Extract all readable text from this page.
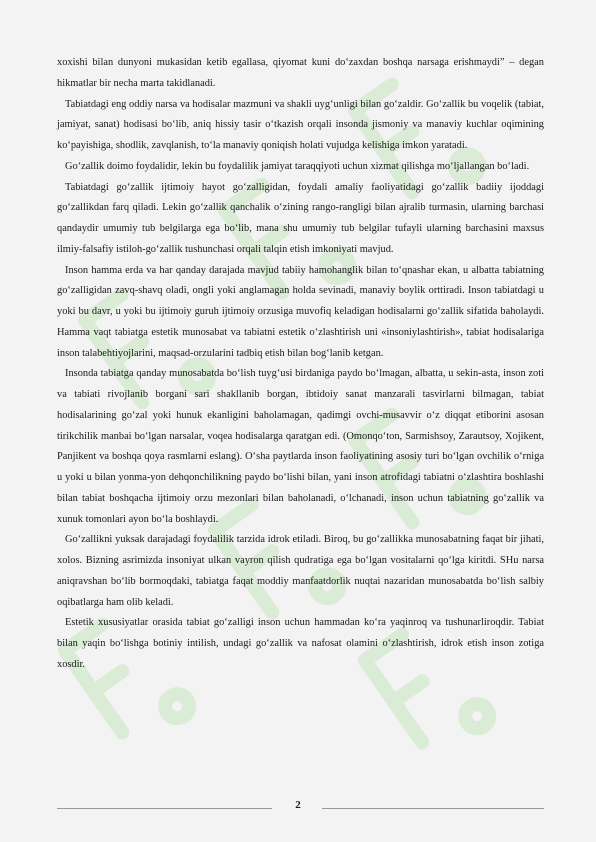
xoxishi bilan dunyoni mukasidan ketib egallasa, qiyomat kuni do‘zaxdan boshqa narsaga erishmaydi” – degan hikmatlar bir necha marta takidlanadi.

Tabiatdagi eng oddiy narsa va hodisalar mazmuni va shakli uyg‘unligi bilan go‘zaldir. Go‘zallik bu voqelik (tabiat, jamiyat, sanat) hodisasi bo‘lib, aniq hissiy tasir o‘tkazish orqali insonda jismoniy va manaviy kuchlar oqimining ko‘payishiga, shodlik, zavqlanish, to‘la manaviy qoniqish holati vujudga kelishiga imkon yaratadi.

Go‘zallik doimo foydalidir, lekin bu foydalilik jamiyat taraqqiyoti uchun xizmat qilishga mo‘ljallangan bo‘ladi.

Tabiatdagi go‘zallik ijtimoiy hayot go‘zalligidan, foydali amaliy faoliyatidagi go‘zallik badiiy ijoddagi go‘zallikdan farq qiladi. Lekin go‘zallik qanchalik o‘zining rango-rangligi bilan ajralib turmasin, ularning barchasi qandaydir umumiy tub belgilarga ega bo‘lib, mana shu umumiy tub belgilar tufayli ularning barchasini maxsus ilmiy-falsafiy istiloh-go‘zallik tushunchasi orqali talqin etish imkoniyati mavjud.

Inson hamma erda va har qanday darajada mavjud tabiiy hamohanglik bilan to‘qnashar ekan, u albatta tabiatning go‘zalligidan zavq-shavq oladi, ongli yoki anglamagan holda sevinadi, manaviy boylik orttiradi. Inson tabiatdagi u yoki bu davr, u yoki bu ijtimoiy guruh ijtimoiy orzusiga muvofiq keladigan hodisalarni go‘zallik sifatida baholaydi. Hamma vaqt tabiatga estetik munosabat va tabiatni estetik o‘zlashtirish uni «insoniylashtirish», tabiat hodisalariga inson talabehtiyojlarini, maqsad-orzularini tadbiq etish bilan bog‘lanib ketgan.

Insonda tabiatga qanday munosabatda bo‘lish tuyg‘usi birdaniga paydo bo‘lmagan, albatta, u sekin-asta, inson zoti va tabiati rivojlanib borgani sari shakllanib borgan, ibtidoiy sanat manzarali tasvirlarni bilmagan, tabiat hodisalarining go‘zal yoki hunuk ekanligini baholamagan, qadimgi ovchi-musavvir o‘z diqqat etiborini asosan tirikchilik manbai bo‘lgan narsalar, voqea hodisalarga qaratgan edi. (Omonqo‘ton, Sarmishsoy, Zarautsoy, Xojikent, Panjikent va boshqa qoya rasmlarni eslang). O‘sha paytlarda inson faoliyatining asosiy turi bo‘lgan ovchilik o‘rniga u yoki u bilan yonma-yon dehqonchilikning paydo bo‘lishi bilan, yani inson atrofidagi tabiatni o‘zlashtira boshlashi bilan tabiat boshqacha ijtimoiy orzu mezonlari bilan baholanadi, o‘lchanadi, inson uchun tabiatning go‘zallik va xunuk tomonlari ayon bo‘la boshlaydi.

Go‘zallikni yuksak darajadagi foydalilik tarzida idrok etiladi. Biroq, bu go‘zallikka munosabatning faqat bir jihati, xolos. Bizning asrimizda insoniyat ulkan vayron qilish qudratiga ega bo‘lgan vositalarni qo‘lga kiritdi. SHu narsa aniqravshan bo‘lib bormoqdaki, tabiatga faqat moddiy manfaatdorlik nuqtai nazaridan munosabatda bo‘lish salbiy oqibatlarga ham olib keladi.

Estetik xususiyatlar orasida tabiat go‘zalligi inson uchun hammadan ko‘ra yaqinroq va tushunarliroqdir. Tabiat bilan yaqin bo‘lishga botiniy intilish, undagi go‘zallik va nafosat olamini o‘zlashtirish, idrok etish inson zotiga xosdir.

2
